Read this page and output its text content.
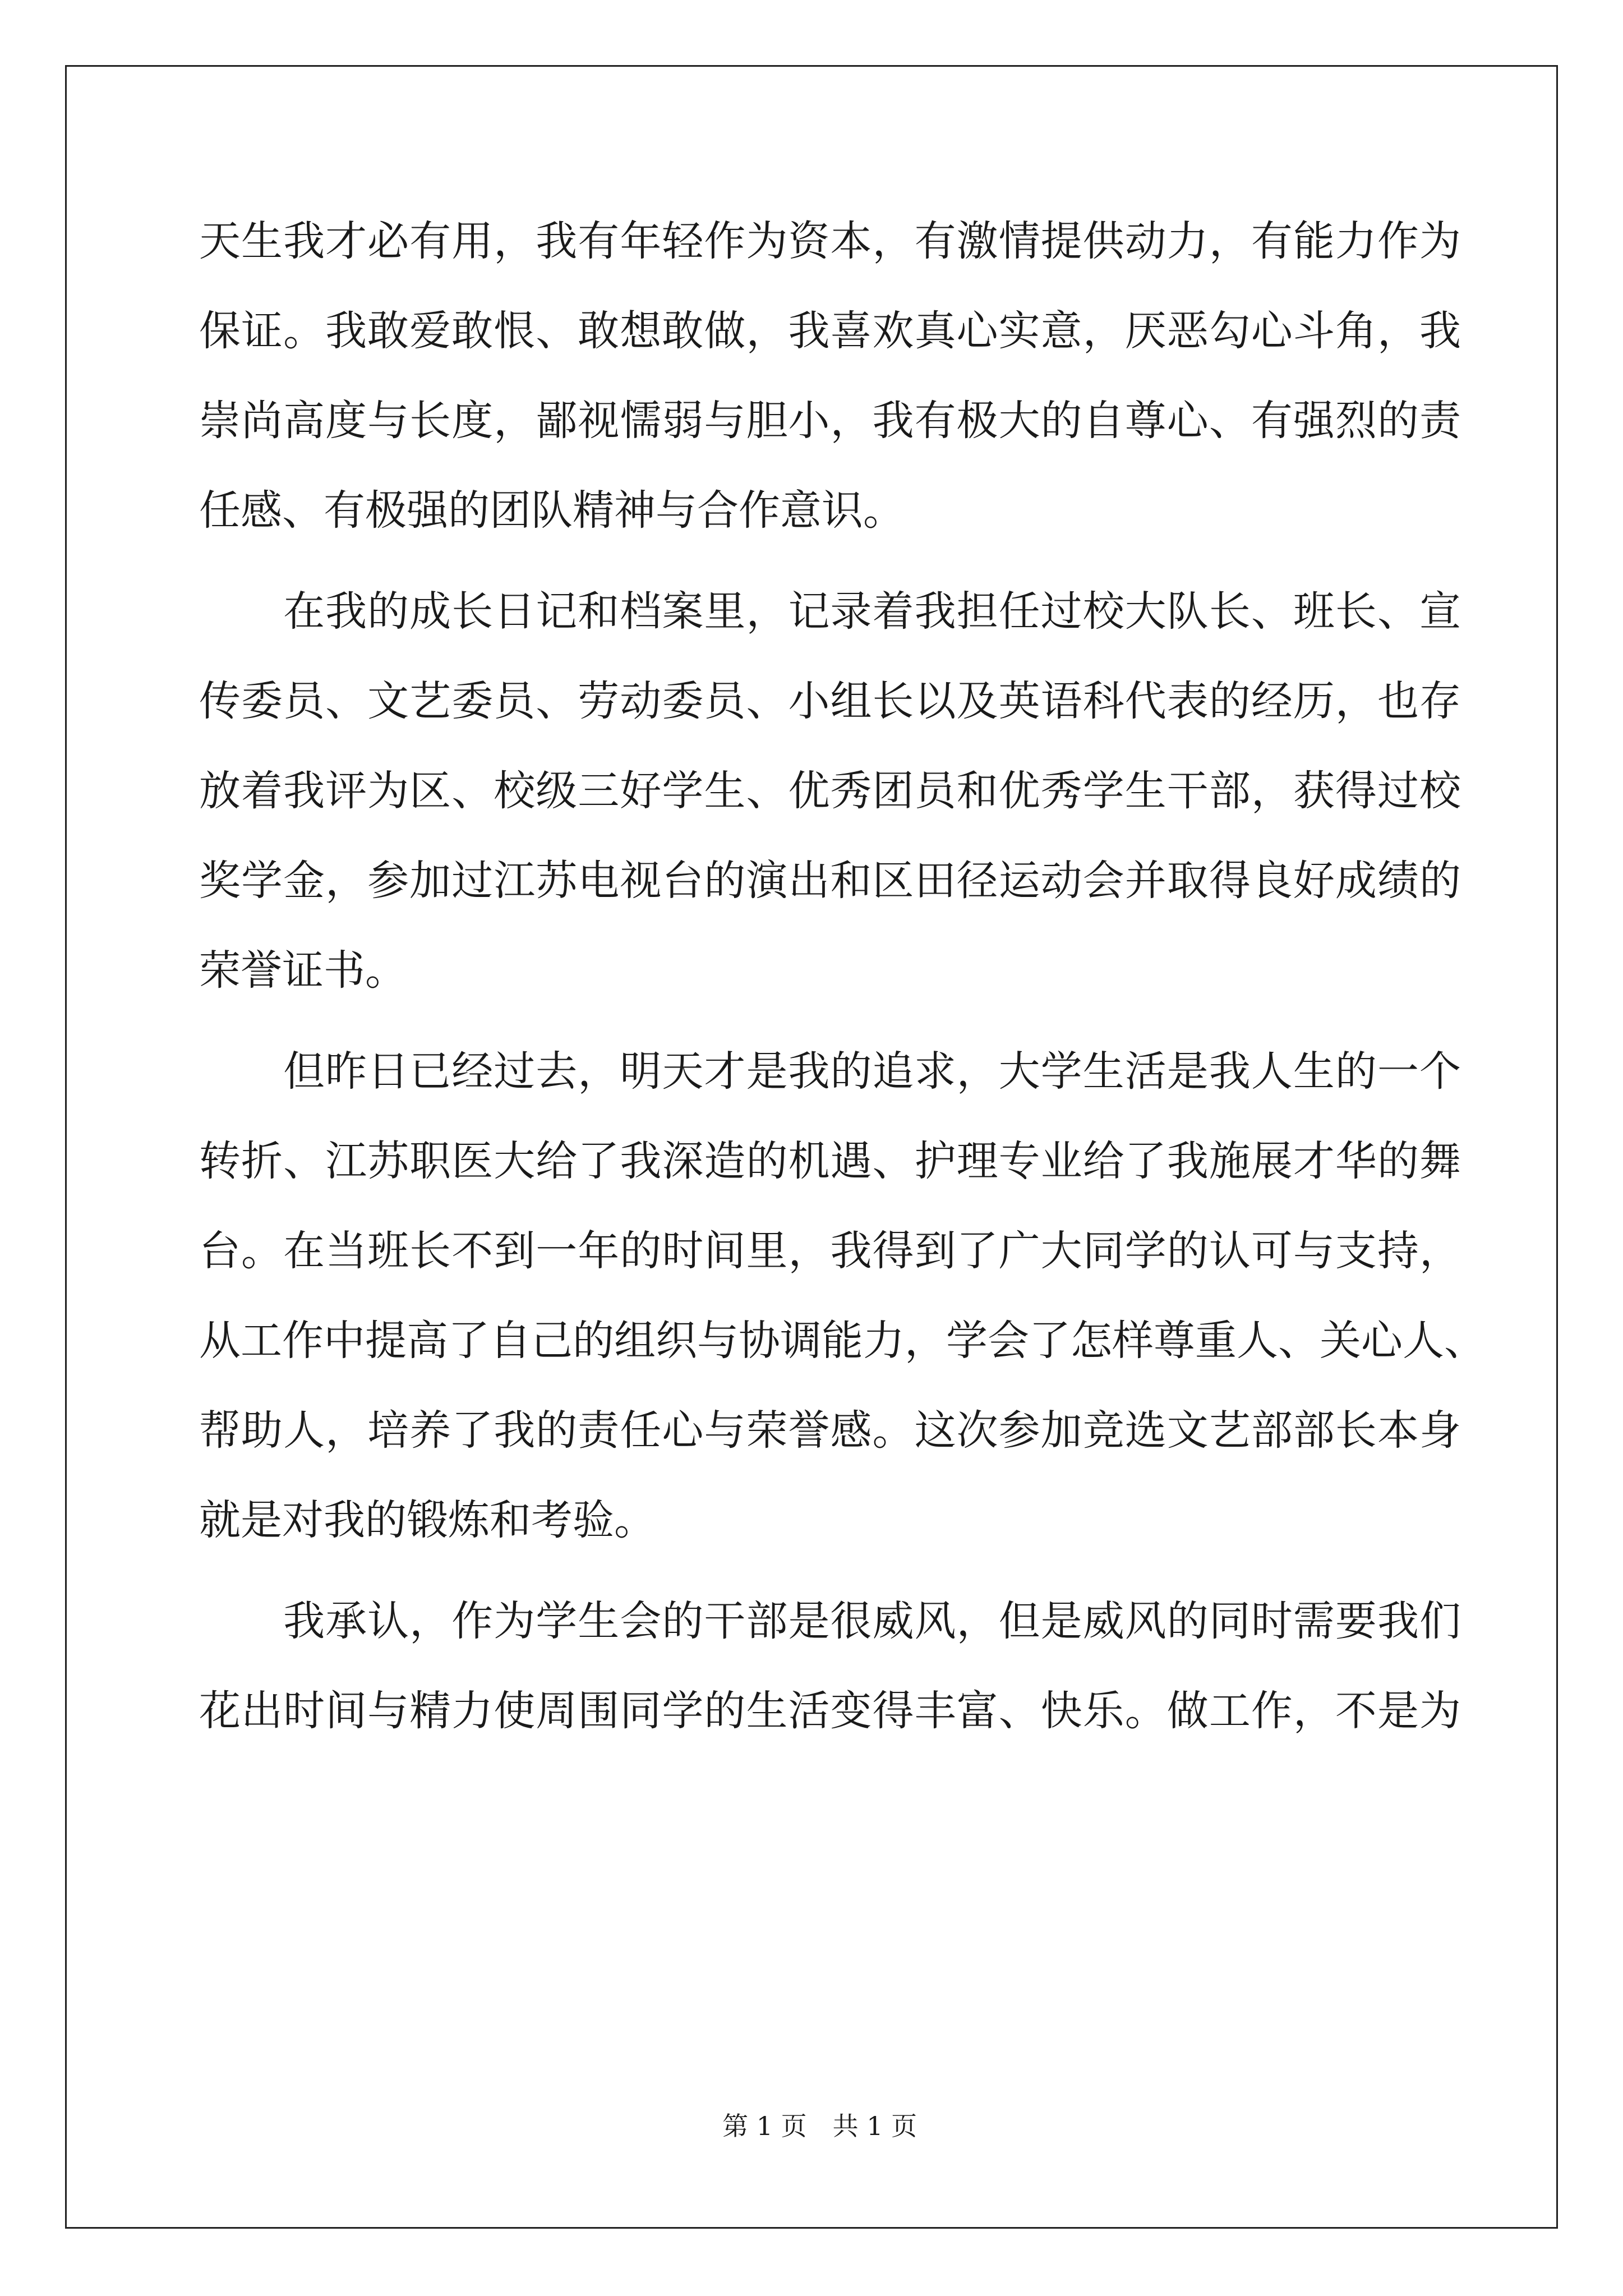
天生我才必有用，我有年轻作为资本，有激情提供动力，有能力作为
保证。我敢爱敢恨、敢想敢做，我喜欢真心实意，厌恶勾心斗角，我
崇尚高度与长度，鄙视懦弱与胆小，我有极大的自尊心、有强烈的责
任感、有极强的团队精神与合作意识。
　　在我的成长日记和档案里，记录着我担任过校大队长、班长、宣
传委员、文艺委员、劳动委员、小组长以及英语科代表的经历，也存
放着我评为区、校级三好学生、优秀团员和优秀学生干部，获得过校
奖学金，参加过江苏电视台的演出和区田径运动会并取得良好成绩的
荣誉证书。
　　但昨日已经过去，明天才是我的追求，大学生活是我人生的一个
转折、江苏职医大给了我深造的机遇、护理专业给了我施展才华的舞
台。在当班长不到一年的时间里，我得到了广大同学的认可与支持，
从工作中提高了自己的组织与协调能力，学会了怎样尊重人、关心人、
帮助人，培养了我的责任心与荣誉感。这次参加竞选文艺部部长本身
就是对我的锻炼和考验。
　　我承认，作为学生会的干部是很威风，但是威风的同时需要我们
花出时间与精力使周围同学的生活变得丰富、快乐。做工作，不是为

第 1 页　共 1 页
